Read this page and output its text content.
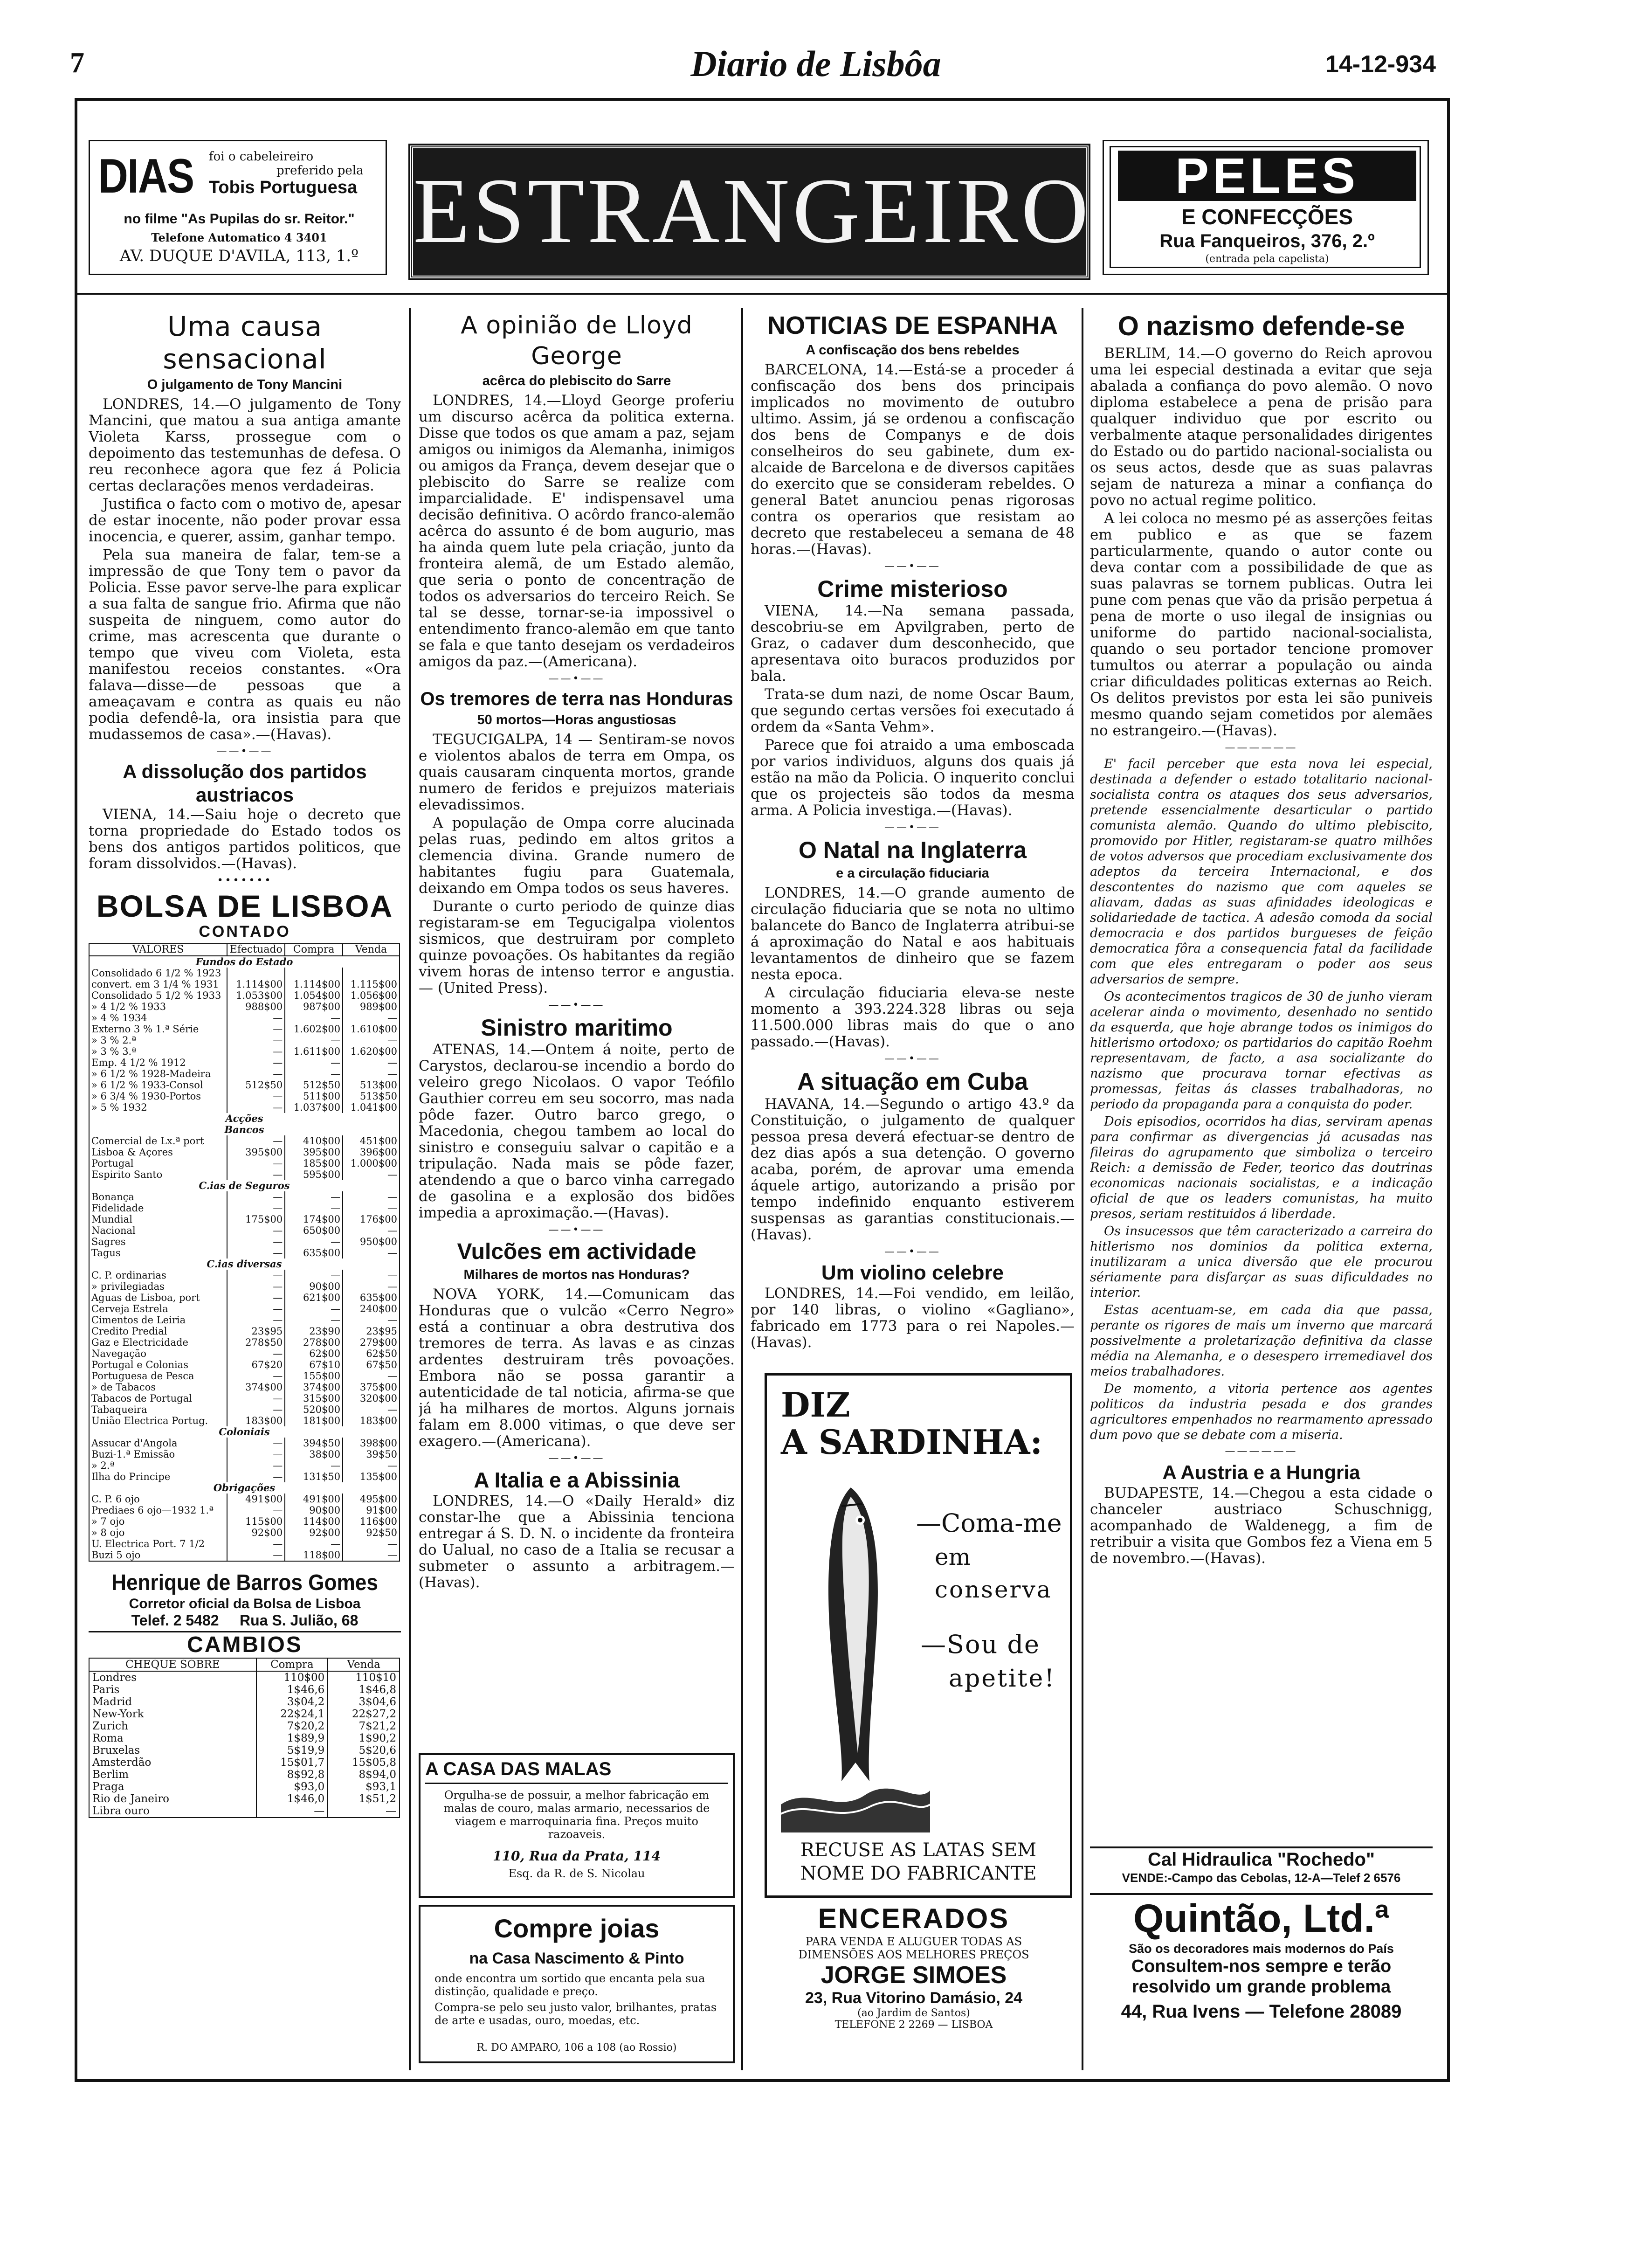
7	Diario de Lisbôa	14-12-934
DIAS foi o cabeleireiro
preferido pela
Tobis Portuguesa
no filme "As Pupilas do sr. Reitor."
Telefone Automatico 4 3401
AV. DUQUE D'AVILA, 113, 1.º ESTRANGEIRO	PELES
E CONFECÇÕES
Rua Fanqueiros, 376, 2.º
(entrada pela capelista)
Uma causa sensacional
O julgamento de Tony Mancini

LONDRES, 14.—O julgamento de Tony Mancini, que matou a sua antiga amante Violeta Karss, prossegue com o depoimento das testemunhas de defesa. O reu reconhece agora que fez á Policia certas declarações menos verdadeiras.

Justifica o facto com o motivo de, apesar de estar inocente, não poder provar essa inocencia, e querer, assim, ganhar tempo.

Pela sua maneira de falar, tem-se a impressão de que Tony tem o pavor da Policia. Esse pavor serve-lhe para explicar a sua falta de sangue frio. Afirma que não suspeita de ninguem, como autor do crime, mas acrescenta que durante o tempo que viveu com Violeta, esta manifestou receios constantes. «Ora falava—disse—de pessoas que a ameaçavam e contra as quais eu não podia defendê-la, ora insistia para que mudassemos de casa».—(Havas).

——•——
A dissolução dos partidos austriacos

VIENA, 14.—Saiu hoje o decreto que torna propriedade do Estado todos os bens dos antigos partidos politicos, que foram dissolvidos.—(Havas).

•••••••
BOLSA DE LISBOA
CONTADO
VALORES	Efectuado	Compra	Venda
Fundos do Estado			
Consolidado 6 1/2 % 1923			
convert. em 3 1/4 % 1931	1.114$00	1.114$00	1.115$00
Consolidado 5 1/2 % 1933	1.053$00	1.054$00	1.056$00
» 4 1/2 % 1933	988$00	987$00	989$00
» 4 % 1934	—	—	—
Externo 3 % 1.ª Série	—	1.602$00	1.610$00
» 3 % 2.ª	—	—	—
» 3 % 3.ª	—	1.611$00	1.620$00
Emp. 4 1/2 % 1912	—	—	—
» 6 1/2 % 1928-Madeira	—	—	—
» 6 1/2 % 1933-Consol	512$50	512$50	513$00
» 6 3/4 % 1930-Portos	—	511$00	513$50
» 5 % 1932	—	1.037$00	1.041$00
Acções			
Bancos			
Comercial de Lx.ª port	—	410$00	451$00
Lisboa & Açores	395$00	395$00	396$00
Portugal	—	185$00	1.000$00
Espirito Santo	—	595$00	—
C.ias de Seguros			
Bonança	—	—	—
Fidelidade	—	—	—
Mundial	175$00	174$00	176$00
Nacional	—	650$00	—
Sagres	—	—	950$00
Tagus	—	635$00	—
C.ias diversas			
C. P. ordinarias	—	—	—
» privilegiadas	—	90$00	—
Aguas de Lisboa, port	—	621$00	635$00
Cerveja Estrela	—	—	240$00
Cimentos de Leiria	—	—	—
Credito Predial	23$95	23$90	23$95
Gaz e Electricidade	278$50	278$00	279$00
Navegação	—	62$00	62$50
Portugal e Colonias	67$20	67$10	67$50
Portuguesa de Pesca	—	155$00	—
» de Tabacos	374$00	374$00	375$00
Tabacos de Portugal	—	315$00	320$00
Tabaqueira	—	520$00	—
União Electrica Portug.	183$00	181$00	183$00
Coloniais			
Assucar d'Angola	—	394$50	398$00
Buzi-1.ª Emissão	—	38$00	39$50
» 2.ª	—	—	—
Ilha do Principe	—	131$50	135$00
Obrigações			
C. P. 6 ojo	491$00	491$00	495$00
Prediaes 6 ojo—1932 1.ª	—	90$00	91$00
» 7 ojo	115$00	114$00	116$00
» 8 ojo	92$00	92$00	92$50
U. Electrica Port. 7 1/2	—	—	—
Buzi 5 ojo	—	118$00	—
Henrique de Barros Gomes
Corretor oficial da Bolsa de Lisboa
Telef. 2 5482     Rua S. Julião, 68
CAMBIOS
CHEQUE SOBRE	Compra	Venda
Londres	110$00	110$10
Paris	1$46,6	1$46,8
Madrid	3$04,2	3$04,6
New-York	22$24,1	22$27,2
Zurich	7$20,2	7$21,2
Roma	1$89,9	1$90,2
Bruxelas	5$19,9	5$20,6
Amsterdão	15$01,7	15$05,8
Berlim	8$92,8	8$94,0
Praga	$93,0	$93,1
Rio de Janeiro	1$46,0	1$51,2
Libra ouro	—	—
A opinião de Lloyd George
acêrca do plebiscito do Sarre

LONDRES, 14.—Lloyd George proferiu um discurso acêrca da politica externa. Disse que todos os que amam a paz, sejam amigos ou inimigos da Alemanha, inimigos ou amigos da França, devem desejar que o plebiscito do Sarre se realize com imparcialidade. E' indispensavel uma decisão definitiva. O acôrdo franco-alemão acêrca do assunto é de bom augurio, mas ha ainda quem lute pela criação, junto da fronteira alemã, de um Estado alemão, que seria o ponto de concentração de todos os adversarios do terceiro Reich. Se tal se desse, tornar-se-ia impossivel o entendimento franco-alemão em que tanto se fala e que tanto desejam os verdadeiros amigos da paz.—(Americana).

——•——
Os tremores de terra nas Honduras
50 mortos—Horas angustiosas

TEGUCIGALPA, 14 — Sentiram-se novos e violentos abalos de terra em Ompa, os quais causaram cinquenta mortos, grande numero de feridos e prejuizos materiais elevadissimos.

A população de Ompa corre alucinada pelas ruas, pedindo em altos gritos a clemencia divina. Grande numero de habitantes fugiu para Guatemala, deixando em Ompa todos os seus haveres.

Durante o curto periodo de quinze dias registaram-se em Tegucigalpa violentos sismicos, que destruiram por completo quinze povoações. Os habitantes da região vivem horas de intenso terror e angustia. — (United Press).

——•——
Sinistro maritimo

ATENAS, 14.—Ontem á noite, perto de Carystos, declarou-se incendio a bordo do veleiro grego Nicolaos. O vapor Teófilo Gauthier correu em seu socorro, mas nada pôde fazer. Outro barco grego, o Macedonia, chegou tambem ao local do sinistro e conseguiu salvar o capitão e a tripulação. Nada mais se pôde fazer, atendendo a que o barco vinha carregado de gasolina e a explosão dos bidões impedia a aproximação.—(Havas).

——•——
Vulcões em actividade
Milhares de mortos nas Honduras?

NOVA YORK, 14.—Comunicam das Honduras que o vulcão «Cerro Negro» está a continuar a obra destrutiva dos tremores de terra. As lavas e as cinzas ardentes destruiram três povoações. Embora não se possa garantir a autenticidade de tal noticia, afirma-se que já ha milhares de mortos. Alguns jornais falam em 8.000 vitimas, o que deve ser exagero.—(Americana).

——•——
A Italia e a Abissinia

LONDRES, 14.—O «Daily Herald» diz constar-lhe que a Abissinia tenciona entregar á S. D. N. o incidente da fronteira do Ualual, no caso de a Italia se recusar a submeter o assunto a arbitragem.—(Havas).

A CASA DAS MALAS
Orgulha-se de possuir, a melhor fabricação em malas de couro, malas armario, necessarios de viagem e marroquinaria fina. Preços muito razoaveis.
110, Rua da Prata, 114
Esq. da R. de S. Nicolau
Compre joias
na Casa Nascimento & Pinto
onde encontra um sortido que encanta pela sua distinção, qualidade e preço.
Compra-se pelo seu justo valor, brilhantes, pratas de arte e usadas, ouro, moedas, etc.
R. DO AMPARO, 106 a 108 (ao Rossio)
NOTICIAS DE ESPANHA
A confiscação dos bens rebeldes

BARCELONA, 14.—Está-se a proceder á confiscação dos bens dos principais implicados no movimento de outubro ultimo. Assim, já se ordenou a confiscação dos bens de Companys e de dois conselheiros do seu gabinete, dum ex-alcaide de Barcelona e de diversos capitães do exercito que se consideram rebeldes. O general Batet anunciou penas rigorosas contra os operarios que resistam ao decreto que restabeleceu a semana de 48 horas.—(Havas).

——•——
Crime misterioso

VIENA, 14.—Na semana passada, descobriu-se em Apvilgraben, perto de Graz, o cadaver dum desconhecido, que apresentava oito buracos produzidos por bala.

Trata-se dum nazi, de nome Oscar Baum, que segundo certas versões foi executado á ordem da «Santa Vehm».

Parece que foi atraido a uma emboscada por varios individuos, alguns dos quais já estão na mão da Policia. O inquerito conclui que os projecteis são todos da mesma arma. A Policia investiga.—(Havas).

——•——
O Natal na Inglaterra
e a circulação fiduciaria

LONDRES, 14.—O grande aumento de circulação fiduciaria que se nota no ultimo balancete do Banco de Inglaterra atribui-se á aproximação do Natal e aos habituais levantamentos de dinheiro que se fazem nesta epoca.

A circulação fiduciaria eleva-se neste momento a 393.224.328 libras ou seja 11.500.000 libras mais do que o ano passado.—(Havas).

——•——
A situação em Cuba

HAVANA, 14.—Segundo o artigo 43.º da Constituição, o julgamento de qualquer pessoa presa deverá efectuar-se dentro de dez dias após a sua detenção. O governo acaba, porém, de aprovar uma emenda áquele artigo, autorizando a prisão por tempo indefinido enquanto estiverem suspensas as garantias constitucionais.—(Havas).

——•——
Um violino celebre

LONDRES, 14.—Foi vendido, em leilão, por 140 libras, o violino «Gagliano», fabricado em 1773 para o rei Napoles.—(Havas).

DIZ
A SARDINHA:
—Coma-me
em
conserva
—Sou de
apetite!
RECUSE AS LATAS SEM
NOME DO FABRICANTE
ENCERADOS
PARA VENDA E ALUGUER TODAS AS
DIMENSÕES AOS MELHORES PREÇOS
JORGE SIMOES
23, Rua Vitorino Damásio, 24
(ao Jardim de Santos)
TELEFONE 2 2269 — LISBOA
O nazismo defende-se

BERLIM, 14.—O governo do Reich aprovou uma lei especial destinada a evitar que seja abalada a confiança do povo alemão. O novo diploma estabelece a pena de prisão para qualquer individuo que por escrito ou verbalmente ataque personalidades dirigentes do Estado ou do partido nacional-socialista ou os seus actos, desde que as suas palavras sejam de natureza a minar a confiança do povo no actual regime politico.

A lei coloca no mesmo pé as asserções feitas em publico e as que se fazem particularmente, quando o autor conte ou deva contar com a possibilidade de que as suas palavras se tornem publicas. Outra lei pune com penas que vão da prisão perpetua á pena de morte o uso ilegal de insignias ou uniforme do partido nacional-socialista, quando o seu portador tencione promover tumultos ou aterrar a população ou ainda criar dificuldades politicas externas ao Reich. Os delitos previstos por esta lei são puniveis mesmo quando sejam cometidos por alemães no estrangeiro.—(Havas).

——————

E' facil perceber que esta nova lei especial, destinada a defender o estado totalitario nacional-socialista contra os ataques dos seus adversarios, pretende essencialmente desarticular o partido comunista alemão. Quando do ultimo plebiscito, promovido por Hitler, registaram-se quatro milhões de votos adversos que procediam exclusivamente dos adeptos da terceira Internacional, e dos descontentes do nazismo que com aqueles se aliavam, dadas as suas afinidades ideologicas e solidariedade de tactica. A adesão comoda da social democracia e dos partidos burgueses de feição democratica fôra a consequencia fatal da facilidade com que eles entregaram o poder aos seus adversarios de sempre.

Os acontecimentos tragicos de 30 de junho vieram acelerar ainda o movimento, desenhado no sentido da esquerda, que hoje abrange todos os inimigos do hitlerismo ortodoxo; os partidarios do capitão Roehm representavam, de facto, a asa socializante do nazismo que procurava tornar efectivas as promessas, feitas ás classes trabalhadoras, no periodo da propaganda para a conquista do poder.

Dois episodios, ocorridos ha dias, serviram apenas para confirmar as divergencias já acusadas nas fileiras do agrupamento que simboliza o terceiro Reich: a demissão de Feder, teorico das doutrinas economicas nacionais socialistas, e a indicação oficial de que os leaders comunistas, ha muito presos, seriam restituidos á liberdade.

Os insucessos que têm caracterizado a carreira do hitlerismo nos dominios da politica externa, inutilizaram a unica diversão que ele procurou sériamente para disfarçar as suas dificuldades no interior.

Estas acentuam-se, em cada dia que passa, perante os rigores de mais um inverno que marcará possivelmente a proletarização definitiva da classe média na Alemanha, e o desespero irremediavel dos meios trabalhadores.

De momento, a vitoria pertence aos agentes politicos da industria pesada e dos grandes agricultores empenhados no rearmamento apressado dum povo que se debate com a miseria.

——————
A Austria e a Hungria

BUDAPESTE, 14.—Chegou a esta cidade o chanceler austriaco Schuschnigg, acompanhado de Waldenegg, a fim de retribuir a visita que Gombos fez a Viena em 5 de novembro.—(Havas).

Cal Hidraulica "Rochedo"
VENDE:-Campo das Cebolas, 12-A—Telef 2 6576
Quintão, Ltd.ª
São os decoradores mais modernos do País
Consultem-nos sempre e terão
resolvido um grande problema
44, Rua Ivens — Telefone 28089
